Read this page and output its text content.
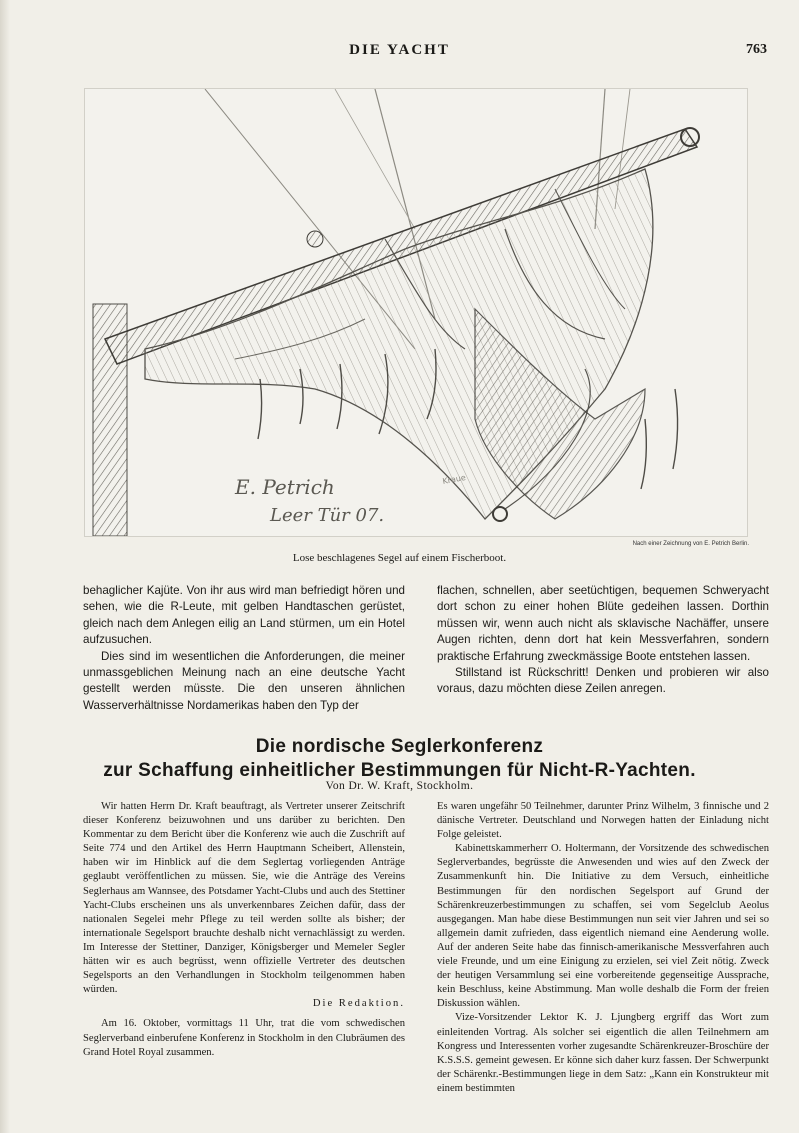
DIE YACHT	763
E. Petrich
Leer Tür 07.
Kraue
Nach einer Zeichnung von E. Petrich Berlin.
Lose beschlagenes Segel auf einem Fischerboot.

behaglicher Kajüte. Von ihr aus wird man befriedigt hören und sehen, wie die R-Leute, mit gelben Handtaschen gerüstet, gleich nach dem Anlegen eilig an Land stürmen, um ein Hotel aufzusuchen.

Dies sind im wesentlichen die Anforderungen, die meiner unmassgeblichen Meinung nach an eine deutsche Yacht gestellt werden müsste. Die den unseren ähnlichen Wasserverhältnisse Nordamerikas haben den Typ der

flachen, schnellen, aber seetüchtigen, bequemen Schweryacht dort schon zu einer hohen Blüte gedeihen lassen. Dorthin müssen wir, wenn auch nicht als sklavische Nachäffer, unsere Augen richten, denn dort hat kein Messverfahren, sondern praktische Erfahrung zweckmässige Boote entstehen lassen.

Stillstand ist Rückschritt! Denken und probieren wir also voraus, dazu möchten diese Zeilen anregen.

Die nordische Seglerkonferenz
zur Schaffung einheitlicher Bestimmungen für Nicht-R-Yachten.
Von Dr. W. Kraft, Stockholm.

Wir hatten Herrn Dr. Kraft beauftragt, als Vertreter unserer Zeitschrift dieser Konferenz beizuwohnen und uns darüber zu berichten. Den Kommentar zu dem Bericht über die Konferenz wie auch die Zuschrift auf Seite 774 und den Artikel des Herrn Hauptmann Scheibert, Allenstein, haben wir im Hinblick auf die dem Seglertag vorliegenden Anträge geglaubt veröffentlichen zu müssen. Sie, wie die Anträge des Vereins Seglerhaus am Wannsee, des Potsdamer Yacht-Clubs und auch des Stettiner Yacht-Clubs erscheinen uns als unverkennbares Zeichen dafür, dass der nationalen Segelei mehr Pflege zu teil werden sollte als bisher; der internationale Segelsport brauchte deshalb nicht vernachlässigt zu werden. Im Interesse der Stettiner, Danziger, Königsberger und Memeler Segler hätten wir es auch begrüsst, wenn offizielle Vertreter des deutschen Segelsports an den Verhandlungen in Stockholm teilgenommen haben würden.

Die Redaktion.

Am 16. Oktober, vormittags 11 Uhr, trat die vom schwedischen Seglerverband einberufene Konferenz in Stockholm in den Clubräumen des Grand Hotel Royal zusammen.

Es waren ungefähr 50 Teilnehmer, darunter Prinz Wilhelm, 3 finnische und 2 dänische Vertreter. Deutschland und Norwegen hatten der Einladung nicht Folge geleistet.

Kabinettskammerherr O. Holtermann, der Vorsitzende des schwedischen Seglerverbandes, begrüsste die Anwesenden und wies auf den Zweck der Zusammenkunft hin. Die Initiative zu dem Versuch, einheitliche Bestimmungen für den nordischen Segelsport auf Grund der Schärenkreuzerbestimmungen zu schaffen, sei vom Segelclub Aeolus ausgegangen. Man habe diese Bestimmungen nun seit vier Jahren und sei so allgemein damit zufrieden, dass eigentlich niemand eine Aenderung wolle. Auf der anderen Seite habe das finnisch-amerikanische Messverfahren auch viele Freunde, und um eine Einigung zu erzielen, sei viel Zeit nötig. Zweck der heutigen Versammlung sei eine vorbereitende gegenseitige Aussprache, kein Beschluss, keine Abstimmung. Man wolle deshalb die Form der freien Diskussion wählen.

Vize-Vorsitzender Lektor K. J. Ljungberg ergriff das Wort zum einleitenden Vortrag. Als solcher sei eigentlich die allen Teilnehmern am Kongress und Interessenten vorher zugesandte Schärenkreuzer-Broschüre der K.S.S.S. gemeint gewesen. Er könne sich daher kurz fassen. Der Schwerpunkt der Schärenkr.-Bestimmungen liege in dem Satz: „Kann ein Konstrukteur mit einem bestimmten
